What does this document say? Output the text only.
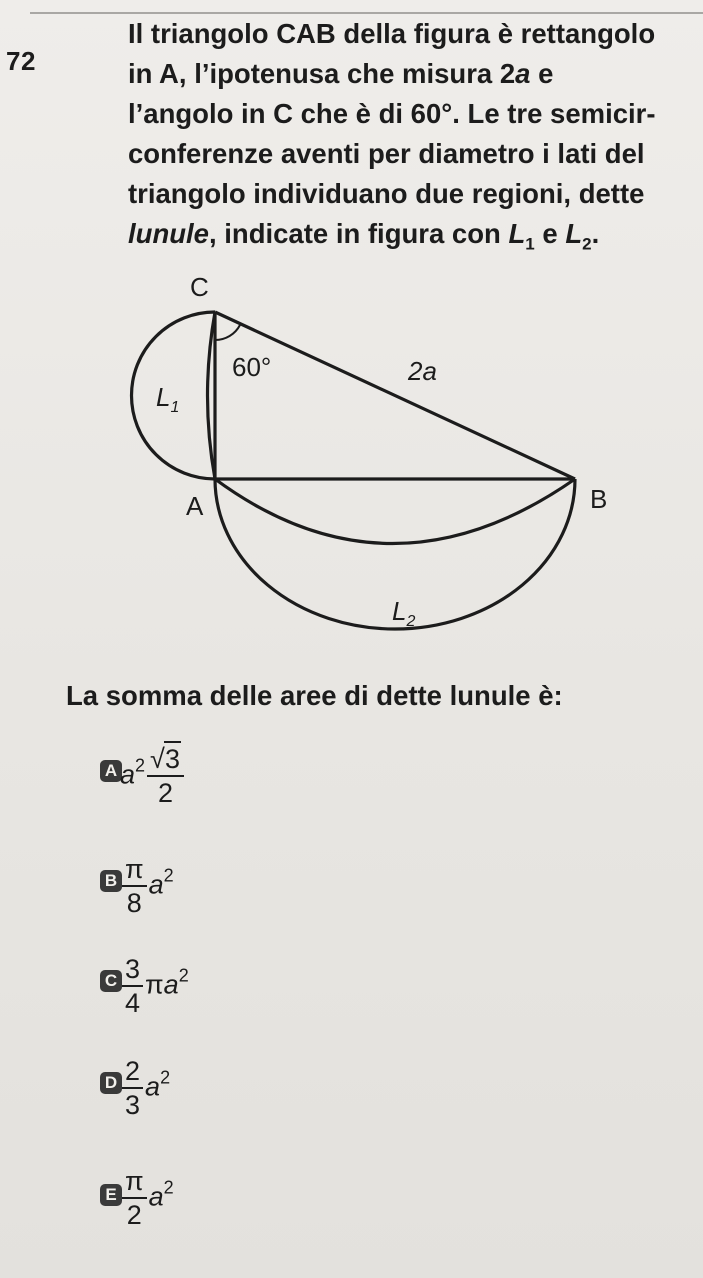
72

Il triangolo CAB della figura è rettangolo
in A, l’ipotenusa che misura 2a e
l’angolo in C che è di 60°. Le tre semicir-
conferenze aventi per diametro i lati del
triangolo individuano due regioni, dette
lunule, indicate in figura con $L_1$ e $L_2$.

C
60°	2a
$L_1$
A	B
$L_2$
La somma delle aree di dette lunule è:
A $a^2 \frac{√ 3}{2}$
B $\frac{\pi}{8} a^2$
C $\frac{3}{4} \pi a^2$
D $\frac{2}{3} a^2$
E $\frac{\pi}{2} a^2$
